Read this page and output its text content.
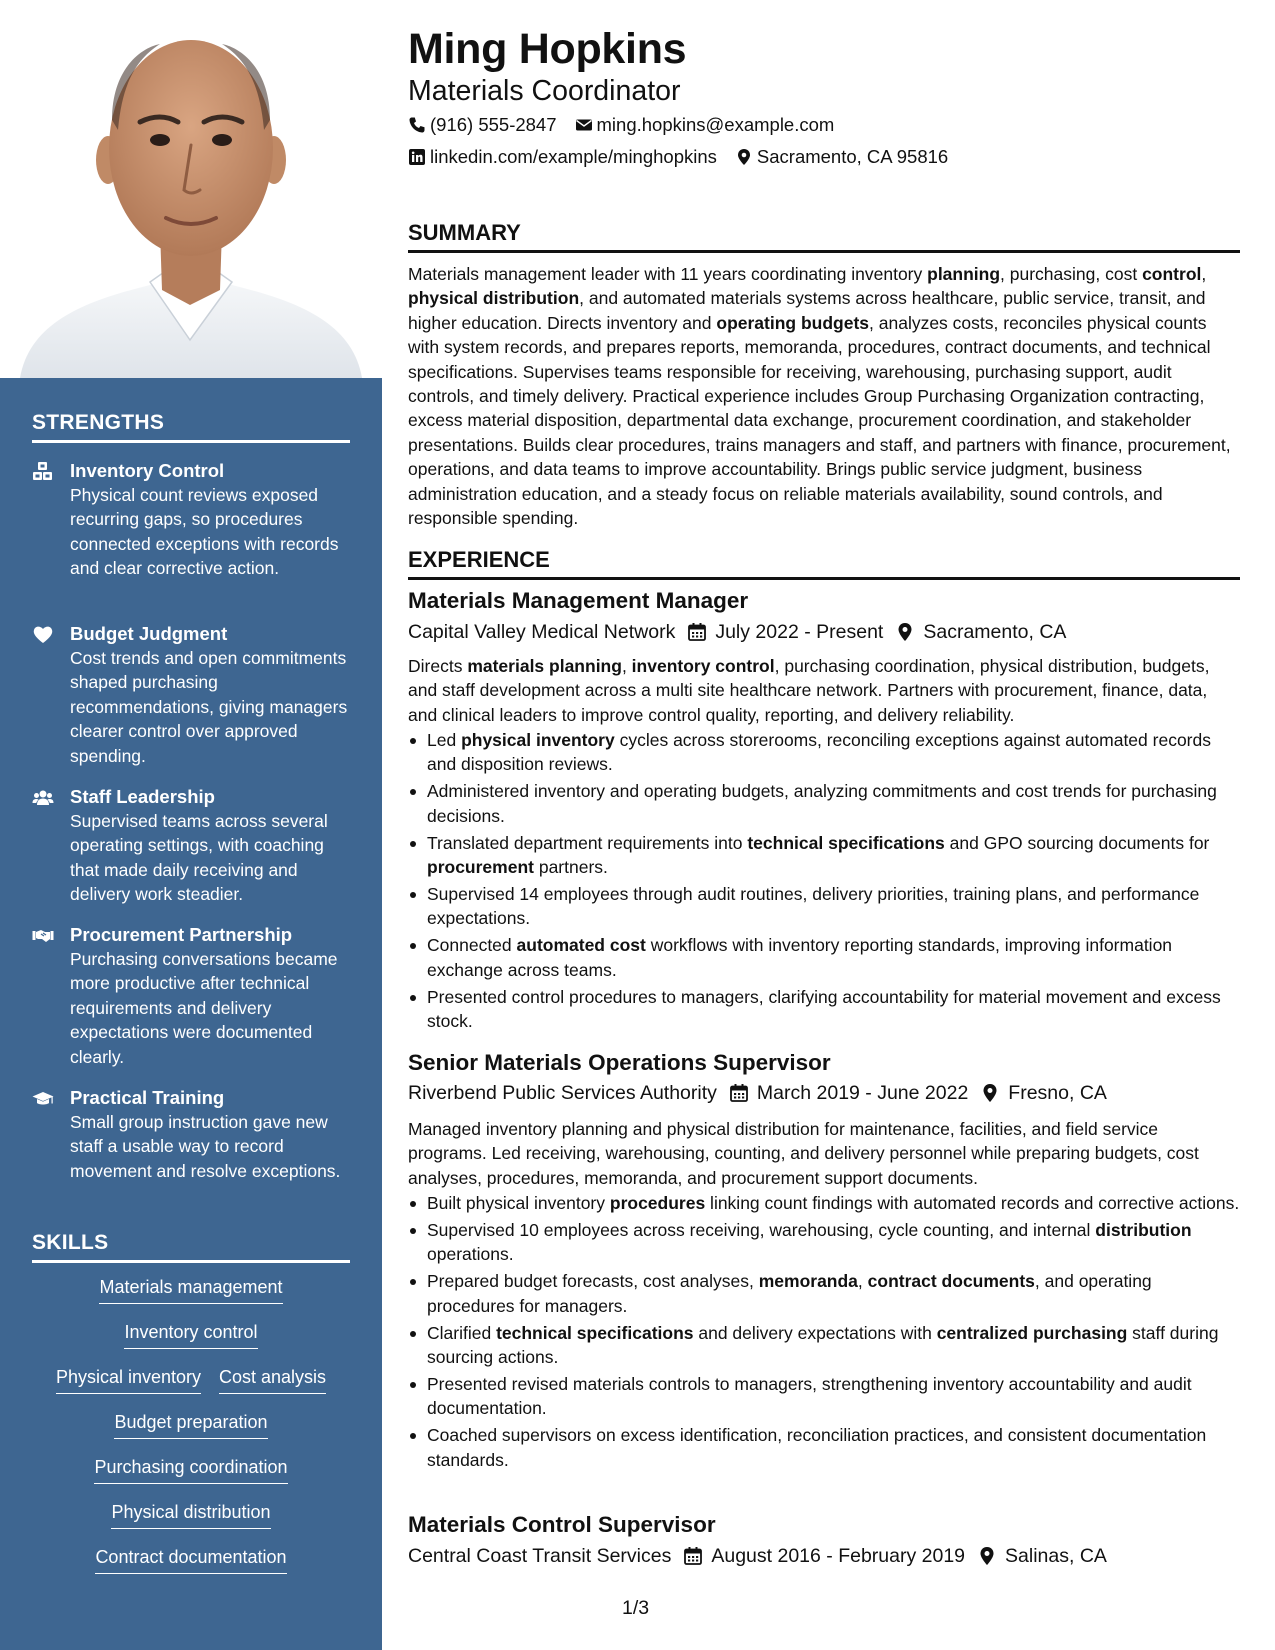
STRENGTHS
Inventory Control
Physical count reviews exposed recurring gaps, so procedures connected exceptions with records and clear corrective action.
Budget Judgment
Cost trends and open commitments shaped purchasing recommendations, giving managers clearer control over approved spending.
Staff Leadership
Supervised teams across several operating settings, with coaching that made daily receiving and delivery work steadier.
Procurement Partnership
Purchasing conversations became more productive after technical requirements and delivery expectations were documented clearly.
Practical Training
Small group instruction gave new staff a usable way to record movement and resolve exceptions.
SKILLS
Materials management
Inventory control
Physical inventory Cost analysis
Budget preparation
Purchasing coordination
Physical distribution
Contract documentation
Ming Hopkins
Materials Coordinator
(916) 555-2847 ming.hopkins@example.com
linkedin.com/example/minghopkins Sacramento, CA 95816
SUMMARY
Materials management leader with 11 years coordinating inventory planning, purchasing, cost control, physical distribution, and automated materials systems across healthcare, public service, transit, and higher education. Directs inventory and operating budgets, analyzes costs, reconciles physical counts with system records, and prepares reports, memoranda, procedures, contract documents, and technical specifications. Supervises teams responsible for receiving, warehousing, purchasing support, audit controls, and timely delivery. Practical experience includes Group Purchasing Organization contracting, excess material disposition, departmental data exchange, procurement coordination, and stakeholder presentations. Builds clear procedures, trains managers and staff, and partners with finance, procurement, operations, and data teams to improve accountability. Brings public service judgment, business administration education, and a steady focus on reliable materials availability, sound controls, and responsible spending.
EXPERIENCE
Materials Management Manager
Capital Valley Medical Network July 2022 - Present Sacramento, CA
Directs materials planning, inventory control, purchasing coordination, physical distribution, budgets, and staff development across a multi site healthcare network. Partners with procurement, finance, data, and clinical leaders to improve control quality, reporting, and delivery reliability.
Led physical inventory cycles across storerooms, reconciling exceptions against automated records and disposition reviews.
Administered inventory and operating budgets, analyzing commitments and cost trends for purchasing decisions.
Translated department requirements into technical specifications and GPO sourcing documents for procurement partners.
Supervised 14 employees through audit routines, delivery priorities, training plans, and performance expectations.
Connected automated cost workflows with inventory reporting standards, improving information exchange across teams.
Presented control procedures to managers, clarifying accountability for material movement and excess stock.
Senior Materials Operations Supervisor
Riverbend Public Services Authority March 2019 - June 2022 Fresno, CA
Managed inventory planning and physical distribution for maintenance, facilities, and field service programs. Led receiving, warehousing, counting, and delivery personnel while preparing budgets, cost analyses, procedures, memoranda, and procurement support documents.
Built physical inventory procedures linking count findings with automated records and corrective actions.
Supervised 10 employees across receiving, warehousing, cycle counting, and internal distribution operations.
Prepared budget forecasts, cost analyses, memoranda, contract documents, and operating procedures for managers.
Clarified technical specifications and delivery expectations with centralized purchasing staff during sourcing actions.
Presented revised materials controls to managers, strengthening inventory accountability and audit documentation.
Coached supervisors on excess identification, reconciliation practices, and consistent documentation standards.
Materials Control Supervisor
Central Coast Transit Services August 2016 - February 2019 Salinas, CA
1/3
